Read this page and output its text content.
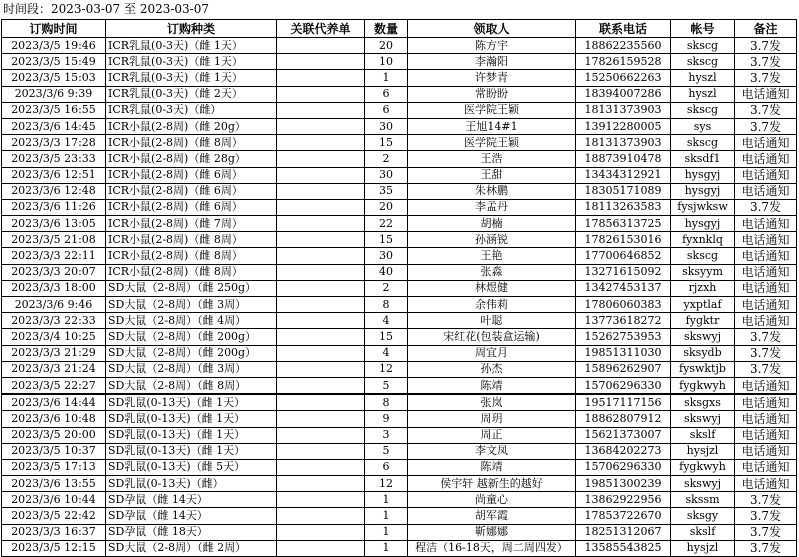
时间段：2023-03-07 至 2023-03-07
订购时间	订购种类	关联代养单	数量	领取人	联系电话	帐号	备注
2023/3/5 19:46	ICR乳鼠(0-3天)（雌 1天）		20	陈方宇	18862235560	skscg	3.7发
2023/3/5 15:49	ICR乳鼠(0-3天)（雌 1天）		10	李瀚阳	17826159528	skscg	3.7发
2023/3/5 15:03	ICR乳鼠(0-3天)（雌 1天）		1	许梦青	15250662263	hyszl	3.7发
2023/3/6 9:39	ICR乳鼠(0-3天)（雌 2天）		6	常盼盼	18394007286	hyszl	电话通知
2023/3/5 16:55	ICR乳鼠(0-3天)（雌）		6	医学院王颖	18131373903	skscg	3.7发
2023/3/6 14:45	ICR小鼠(2-8周)（雌 20g）		30	王旭14#1	13912280005	sys	3.7发
2023/3/3 17:28	ICR小鼠(2-8周)（雌 8周）		15	医学院王颖	18131373903	skscg	电话通知
2023/3/5 23:33	ICR小鼠(2-8周)（雌 28g）		2	王浩	18873910478	sksdf1	电话通知
2023/3/6 12:51	ICR小鼠(2-8周)（雌 6周）		30	王甜	13434312921	hysgyj	电话通知
2023/3/6 12:48	ICR小鼠(2-8周)（雌 6周）		35	朱林鹏	18305171089	hysgyj	电话通知
2023/3/6 11:26	ICR小鼠(2-8周)（雌 6周）		20	李孟丹	18113263583	fysjwksw	3.7发
2023/3/6 13:05	ICR小鼠(2-8周)（雌 7周）		22	胡楠	17856313725	hysgyj	电话通知
2023/3/5 21:08	ICR小鼠(2-8周)（雌 8周）		15	孙涵锐	17826153016	fyxnklq	电话通知
2023/3/3 22:11	ICR小鼠(2-8周)（雌 8周）		30	王艳	17700646852	skscg	电话通知
2023/3/3 20:07	ICR小鼠(2-8周)（雌 8周）		40	张淼	13271615092	sksyym	电话通知
2023/3/3 18:00	SD大鼠（2-8周）（雌 250g）		2	林煜健	13427453137	rjzxh	电话通知
2023/3/6 9:46	SD大鼠（2-8周）（雌 3周）		8	余伟莉	17806060383	yxptlaf	电话通知
2023/3/3 22:33	SD大鼠（2-8周）（雌 4周）		4	叶聪	13773618272	fygktr	电话通知
2023/3/4 10:25	SD大鼠（2-8周）（雌 200g）		15	宋红花(包装盒运输)	15262753953	skswyj	3.7发
2023/3/3 21:29	SD大鼠（2-8周）（雌 200g）		4	周宜月	19851311030	sksydb	3.7发
2023/3/3 21:24	SD大鼠（2-8周）（雌 3周）		12	孙杰	15896262907	fyswktjb	3.7发
2023/3/5 22:27	SD大鼠（2-8周）（雌 8周）		5	陈靖	15706296330	fygkwyh	电话通知
2023/3/6 14:44	SD乳鼠(0-13天)（雌 1天）		8	张岚	19517117156	sksgxs	电话通知
2023/3/6 10:48	SD乳鼠(0-13天)（雌 1天）		9	周玥	18862807912	skswyj	电话通知
2023/3/5 20:00	SD乳鼠(0-13天)（雌 1天）		3	周正	15621373007	skslf	电话通知
2023/3/5 10:37	SD乳鼠(0-13天)（雌 1天）		5	李文凤	13684202273	hysjzl	电话通知
2023/3/5 17:13	SD乳鼠(0-13天)（雌 5天）		6	陈靖	15706296330	fygkwyh	电话通知
2023/3/6 13:55	SD乳鼠(0-13天)（雌）		12	侯宇轩 越新生的越好	19851300239	skswyj	电话通知
2023/3/6 10:44	SD孕鼠（雌 14天）		1	尚童心	13862922956	skssm	3.7发
2023/3/5 22:42	SD孕鼠（雌 14天）		1	胡军霞	17853722670	sksgy	3.7发
2023/3/3 16:37	SD孕鼠（雌 18天）		1	靳娜娜	18251312067	skslf	3.7发
2023/3/5 12:15	SD大鼠（2-8周）（雌 2周）		1	程洁（16-18天，周二周四发）	13585543825	hysjzl	3.7发
